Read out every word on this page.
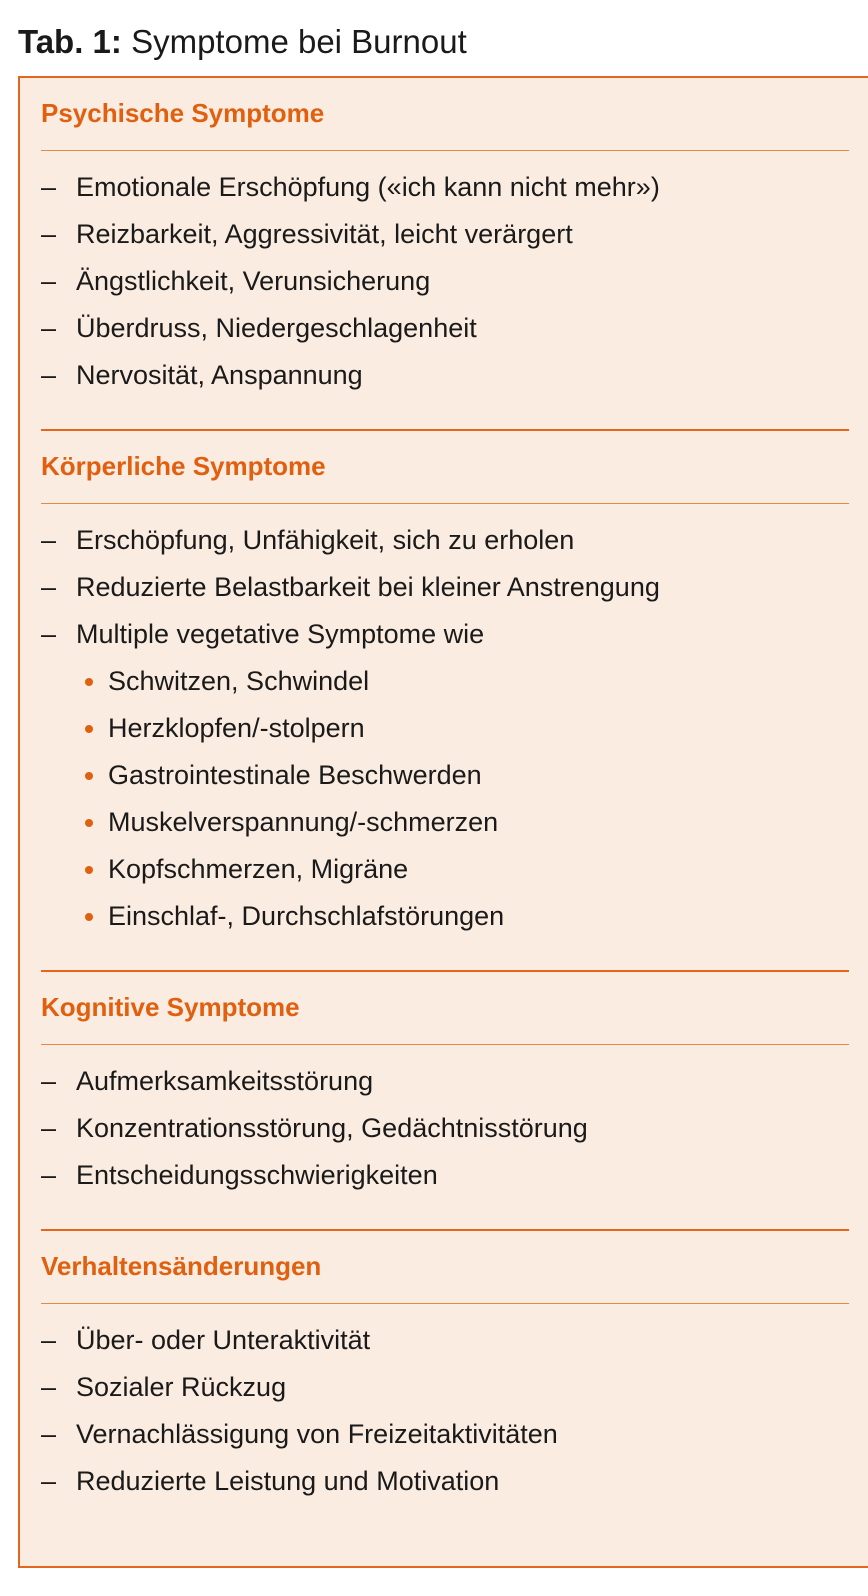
Tab. 1: Symptome bei Burnout
Psychische Symptome
– Emotionale Erschöpfung («ich kann nicht mehr»)
– Reizbarkeit, Aggressivität, leicht verärgert
– Ängstlichkeit, Verunsicherung
– Überdruss, Niedergeschlagenheit
– Nervosität, Anspannung
Körperliche Symptome
– Erschöpfung, Unfähigkeit, sich zu erholen
– Reduzierte Belastbarkeit bei kleiner Anstrengung
– Multiple vegetative Symptome wie
Schwitzen, Schwindel
Herzklopfen/-stolpern
Gastrointestinale Beschwerden
Muskelverspannung/-schmerzen
Kopfschmerzen, Migräne
Einschlaf-, Durchschlafstörungen
Kognitive Symptome
– Aufmerksamkeitsstörung
– Konzentrationsstörung, Gedächtnisstörung
– Entscheidungsschwierigkeiten
Verhaltensänderungen
– Über- oder Unteraktivität
– Sozialer Rückzug
– Vernachlässigung von Freizeitaktivitäten
– Reduzierte Leistung und Motivation
